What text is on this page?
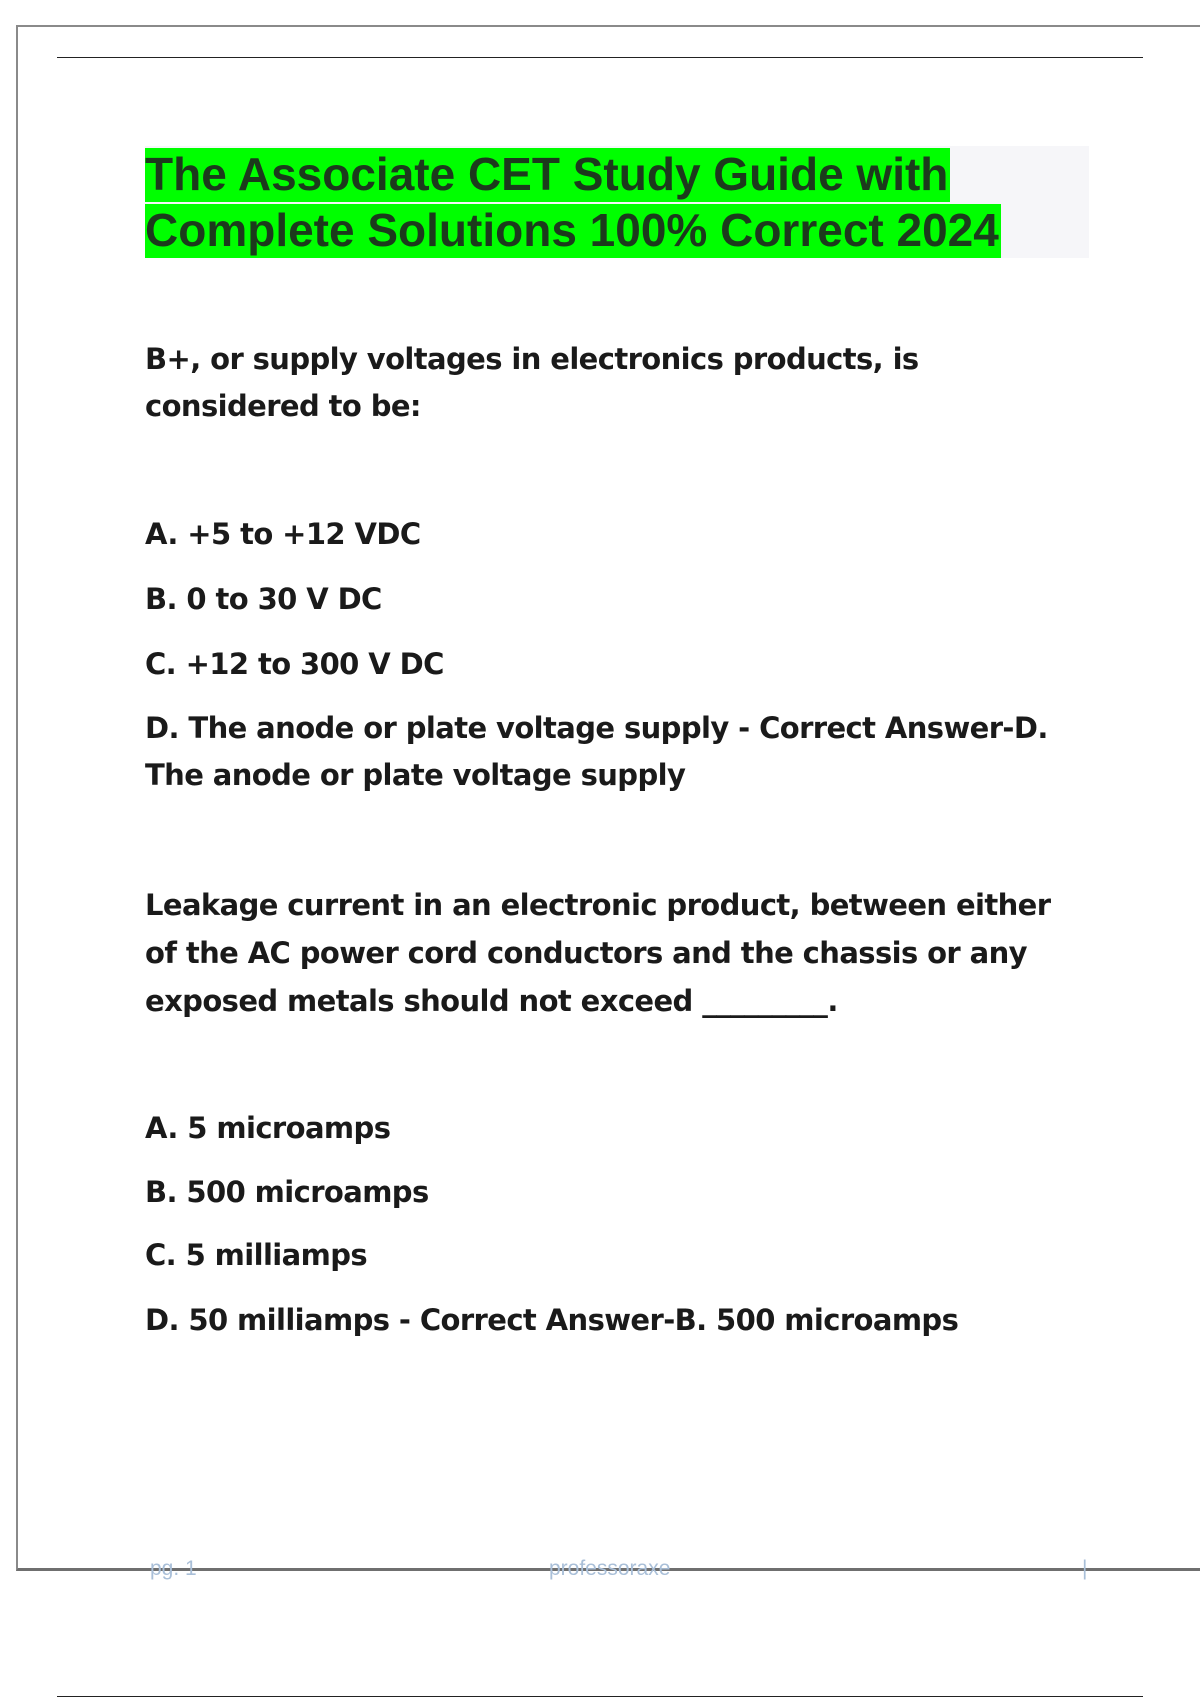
The Associate CET Study Guide with
Complete Solutions 100% Correct 2024

B+, or supply voltages in electronics products, is considered to be:

A. +5 to +12 VDC

B. 0 to 30 V DC

C. +12 to 300 V DC

D. The anode or plate voltage supply - Correct Answer-D. The anode or plate voltage supply

Leakage current in an electronic product, between either of the AC power cord conductors and the chassis or any exposed metals should not exceed _________.

A. 5 microamps

B. 500 microamps

C. 5 milliamps

D. 50 milliamps - Correct Answer-B. 500 microamps

pg. 1	professoraxe	|
